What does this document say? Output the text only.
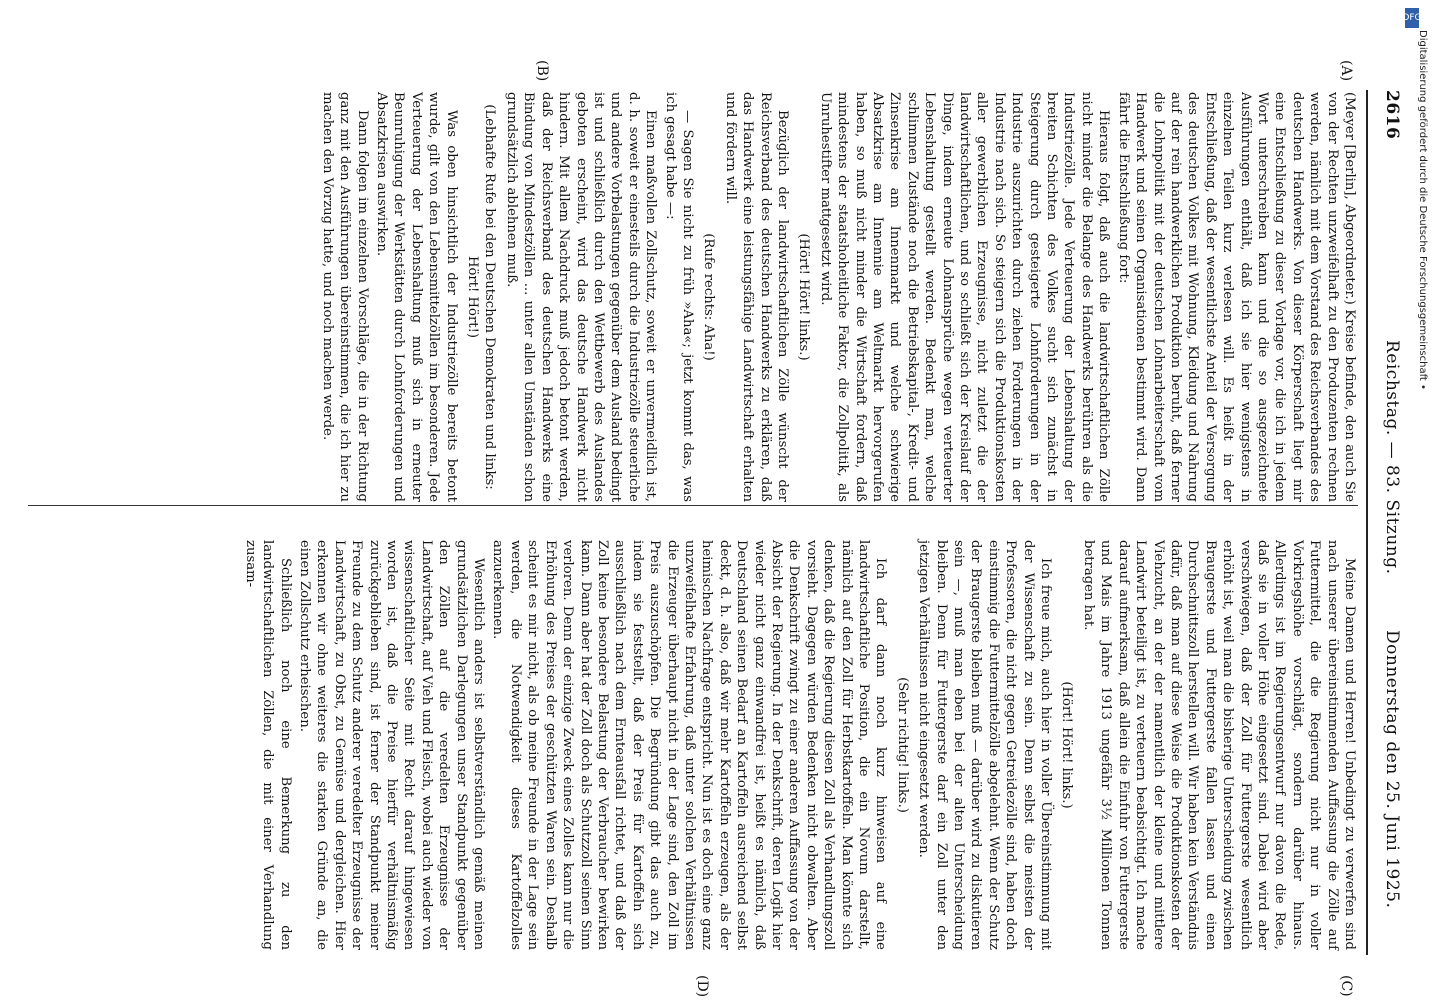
2616
Reichstag. — 83. Sitzung.
Donnerstag den 25. Juni 1925.
(A)
(B)
(C)
(D)

(Meyer [Berlin], Abgeordneter.) Kreise befinde, den auch Sie von der Rechten unzweifelhaft zu den Produzenten rechnen werden, nämlich mit dem Vorstand des Reichsverbandes des deutschen Handwerks. Von dieser Körperschaft liegt mir eine Entschließung zu dieser Vorlage vor, die ich in jedem Wort unterschreiben kann und die so ausgezeichnete Ausführungen enthält, daß ich sie hier wenigstens in einzelnen Teilen kurz verlesen will. Es heißt in der Entschließung, daß der wesentlichste Anteil der Versorgung des deutschen Volkes mit Wohnung, Kleidung und Nahrung auf der rein handwerklichen Produktion beruht, daß ferner die Lohnpolitik mit der deutschen Lohnarbeiterschaft vom Handwerk und seinen Organisationen bestimmt wird. Dann fährt die Entschließung fort:

Hieraus folgt, daß auch die landwirtschaftlichen Zölle nicht minder die Belange des Handwerks berühren als die Industriezölle. Jede Verteuerung der Lebenshaltung der breiten Schichten des Volkes sucht sich zunächst in Steigerung durch gesteigerte Lohnforderungen in der Industrie auszurichten durch ziehen Forderungen in der Industrie nach sich. So steigern sich die Produktionskosten aller gewerblichen Erzeugnisse, nicht zuletzt die der landwirtschaftlichen, und so schließt sich der Kreislauf der Dinge, indem erneute Lohnansprüche wegen verteuerter Lebenshaltung gestellt werden. Bedenkt man, welche schlimmen Zustände noch die Betriebskapital-, Kredit- und Zinsenkrise am Innenmarkt und welche schwierige Absatzkrise am Innennie am Weltmarkt hervorgerufen haben, so muß nicht minder die Wirtschaft fordern, daß mindestens der staatshoheitliche Faktor, die Zollpolitik, als Unruhestifter mattgesetzt wird.

(Hört! Hört! links.)

Bezüglich der landwirtschaftlichen Zölle wünscht der Reichsverband des deutschen Handwerks zu erklären, daß das Handwerk eine leistungsfähige Landwirtschaft erhalten und fördern will.

(Rufe rechts: Aha!)

— Sagen Sie nicht zu früh »Aha«; jetzt kommt das, was ich gesagt habe —:

Einen maßvollen Zollschutz, soweit er unvermeidlich ist, d. h. soweit er einesteils durch die Industriezölle steuerliche und andere Vorbelastungen gegenüber dem Ausland bedingt ist und schließlich durch den Wettbewerb des Auslandes geboten erscheint, wird das deutsche Handwerk nicht hindern. Mit allem Nachdruck muß jedoch betont werden, daß der Reichsverband des deutschen Handwerks eine Bindung von Mindestzöllen ... unter allen Umständen schon grundsätzlich ablehnen muß.

(Lebhafte Rufe bei den Deutschen Demokraten und links: Hört! Hört!)

Was oben hinsichtlich der Industriezölle bereits betont wurde, gilt von den Lebensmittelzöllen im besonderen. Jede Verteuerung der Lebenshaltung muß sich in erneuter Beunruhigung der Werkstätten durch Lohnforderungen und Absatzkrisen auswirken.

Dann folgen im einzelnen Vorschläge, die in der Richtung ganz mit den Ausführungen übereinstimmen, die ich hier zu machen den Vorzug hatte, und noch machen werde.

Meine Damen und Herren! Unbedingt zu verwerfen sind nach unserer übereinstimmenden Auffassung die Zölle auf Futtermittel, die die Regierung nicht nur in voller Vorkriegshöhe vorschlägt, sondern darüber hinaus. Allerdings ist im Regierungsentwurf nur davon die Rede, daß sie in voller Höhe eingesetzt sind. Dabei wird aber verschwiegen, daß der Zoll für Futtergerste wesentlich erhöht ist, weil man die bisherige Unterscheidung zwischen Braugerste und Futtergerste fallen lassen und einen Durchschnittszoll herstellen will. Wir haben kein Verständnis dafür, daß man auf diese Weise die Produktionskosten der Viehzucht, an der der namentlich der kleine und mittlere Landwirt beteiligt ist, zu verteuern beabsichtigt. Ich mache darauf aufmerksam, daß allein die Einfuhr von Futtergerste und Mais im Jahre 1913 ungefähr 3½ Millionen Tonnen betragen hat.

(Hört! Hört! links.)

Ich freue mich, auch hier in voller Übereinstimmung mit der Wissenschaft zu sein. Denn selbst die meisten der Professoren, die nicht gegen Getreidezölle sind, haben doch einstimmig die Futtermittelzölle abgelehnt. Wenn der Schutz der Braugerste bleiben muß — darüber wird zu diskutieren sein —, muß man eben bei der alten Unterscheidung bleiben. Denn für Futtergerste darf ein Zoll unter den jetzigen Verhältnissen nicht eingesetzt werden.

(Sehr richtig! links.)

Ich darf dann noch kurz hinweisen auf eine landwirtschaftliche Position, die ein Novum darstellt, nämlich auf den Zoll für Herbstkartoffeln. Man könnte sich denken, daß die Regierung diesen Zoll als Verhandlungszoll vorsieht. Dagegen würden Bedenken nicht obwalten. Aber die Denkschrift zwingt zu einer anderen Auffassung von der Absicht der Regierung. In der Denkschrift, deren Logik hier wieder nicht ganz einwandfrei ist, heißt es nämlich, daß Deutschland seinen Bedarf an Kartoffeln ausreichend selbst deckt, d. h. also, daß wir mehr Kartoffeln erzeugen, als der heimischen Nachfrage entspricht. Nun ist es doch eine ganz unzweifelhafte Erfahrung, daß unter solchen Verhältnissen die Erzeuger überhaupt nicht in der Lage sind, den Zoll im Preis auszuschöpfen. Die Begründung gibt das auch zu, indem sie feststellt, daß der Preis für Kartoffeln sich ausschließlich nach dem Ernteausfall richtet, und daß der Zoll keine besondere Belastung der Verbraucher bewirken kann. Dann aber hat der Zoll doch als Schutzzoll seinen Sinn verloren. Denn der einzige Zweck eines Zolles kann nur die Erhöhung des Preises der geschützten Waren sein. Deshalb scheint es mir nicht, als ob meine Freunde in der Lage sein werden, die Notwendigkeit dieses Kartoffelzolles anzuerkennen.

Wesentlich anders ist selbstverständlich gemäß meinen grundsätzlichen Darlegungen unser Standpunkt gegenüber den Zöllen auf die veredelten Erzeugnisse der Landwirtschaft, auf Vieh und Fleisch, wobei auch wieder von wissenschaftlicher Seite mit Recht darauf hingewiesen worden ist, daß die Preise hierfür verhältnismäßig zurückgeblieben sind, ist ferner der Standpunkt meiner Freunde zu dem Schutz anderer veredelter Erzeugnisse der Landwirtschaft, zu Obst, zu Gemüse und dergleichen. Hier erkennen wir ohne weiteres die starken Gründe an, die einen Zollschutz erheischen.

Schließlich noch eine Bemerkung zu den landwirtschaftlichen Zöllen, die mit einer Verhandlung zusam-

DFG
Digitalisierung gefördert durch die Deutsche Forschungsgemeinschaft •
